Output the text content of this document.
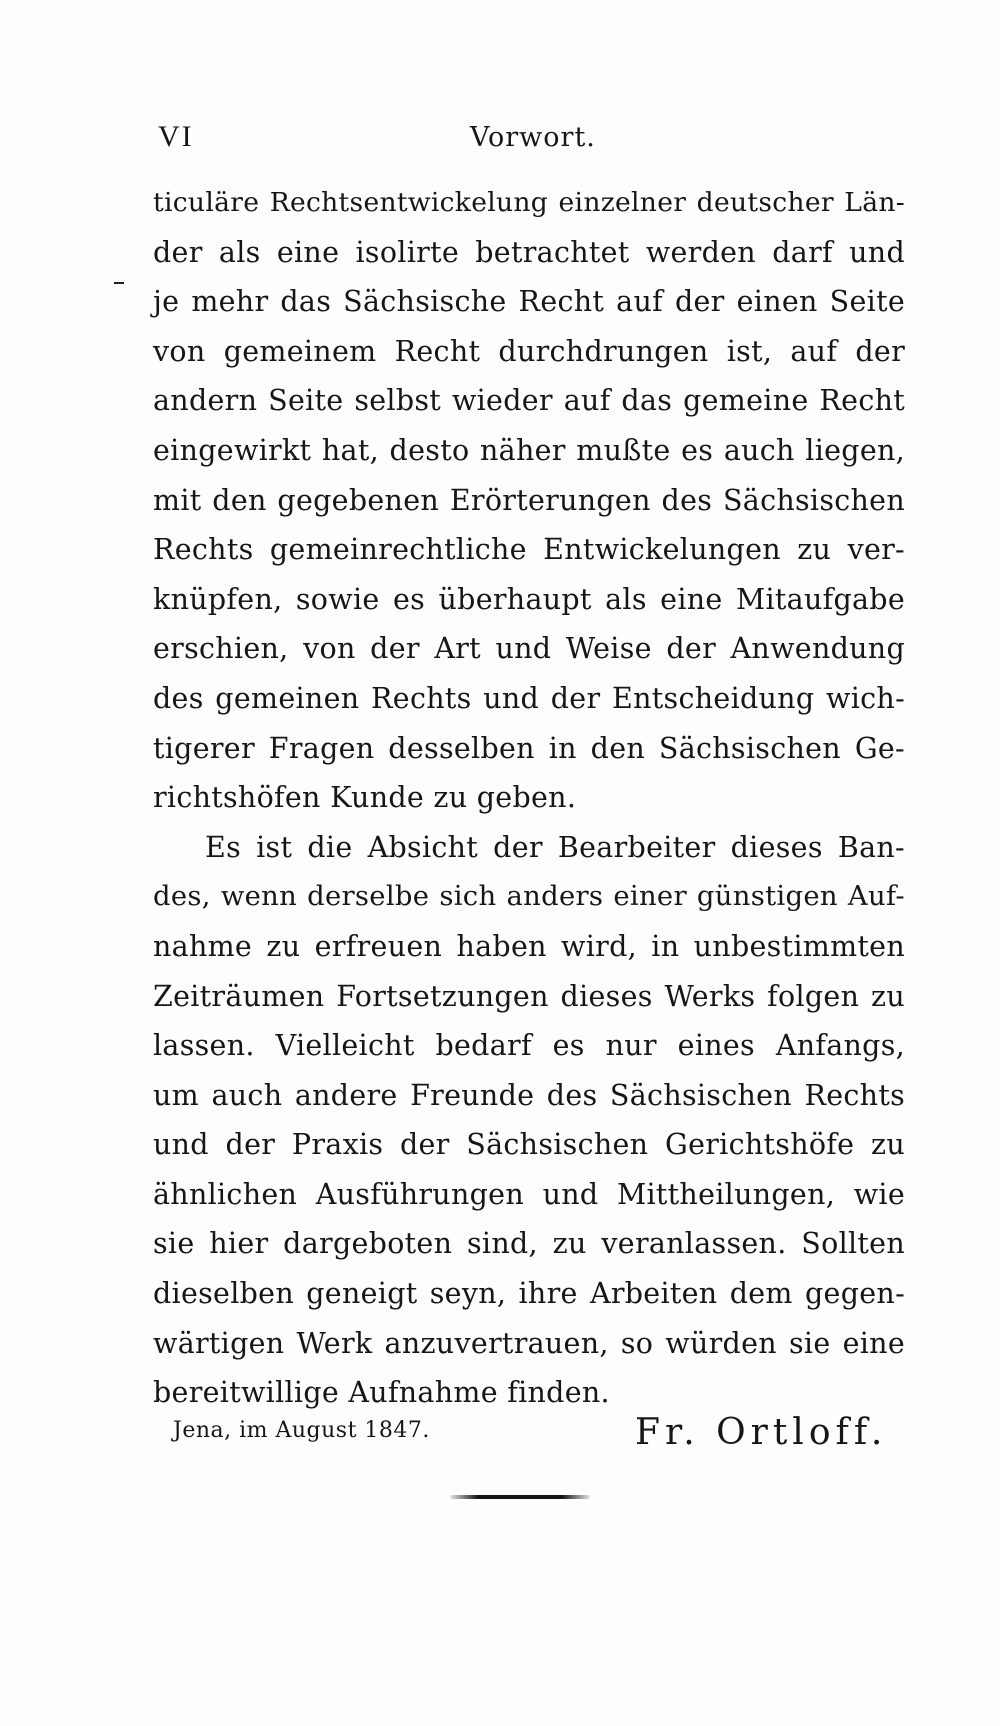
VI	Vorwort.
ticuläre Rechtsentwickelung einzelner deutscher Län-
der als eine isolirte betrachtet werden darf und
je mehr das Sächsische Recht auf der einen Seite
von gemeinem Recht durchdrungen ist, auf der
andern Seite selbst wieder auf das gemeine Recht
eingewirkt hat, desto näher mußte es auch liegen,
mit den gegebenen Erörterungen des Sächsischen
Rechts gemeinrechtliche Entwickelungen zu ver-
knüpfen, sowie es überhaupt als eine Mitaufgabe
erschien, von der Art und Weise der Anwendung
des gemeinen Rechts und der Entscheidung wich-
tigerer Fragen desselben in den Sächsischen Ge-
richtshöfen Kunde zu geben.
Es ist die Absicht der Bearbeiter dieses Ban-
des, wenn derselbe sich anders einer günstigen Auf-
nahme zu erfreuen haben wird, in unbestimmten
Zeiträumen Fortsetzungen dieses Werks folgen zu
lassen. Vielleicht bedarf es nur eines Anfangs,
um auch andere Freunde des Sächsischen Rechts
und der Praxis der Sächsischen Gerichtshöfe zu
ähnlichen Ausführungen und Mittheilungen, wie
sie hier dargeboten sind, zu veranlassen. Sollten
dieselben geneigt seyn, ihre Arbeiten dem gegen-
wärtigen Werk anzuvertrauen, so würden sie eine
bereitwillige Aufnahme finden.
Jena, im August 1847.	Fr. Ortloff.
